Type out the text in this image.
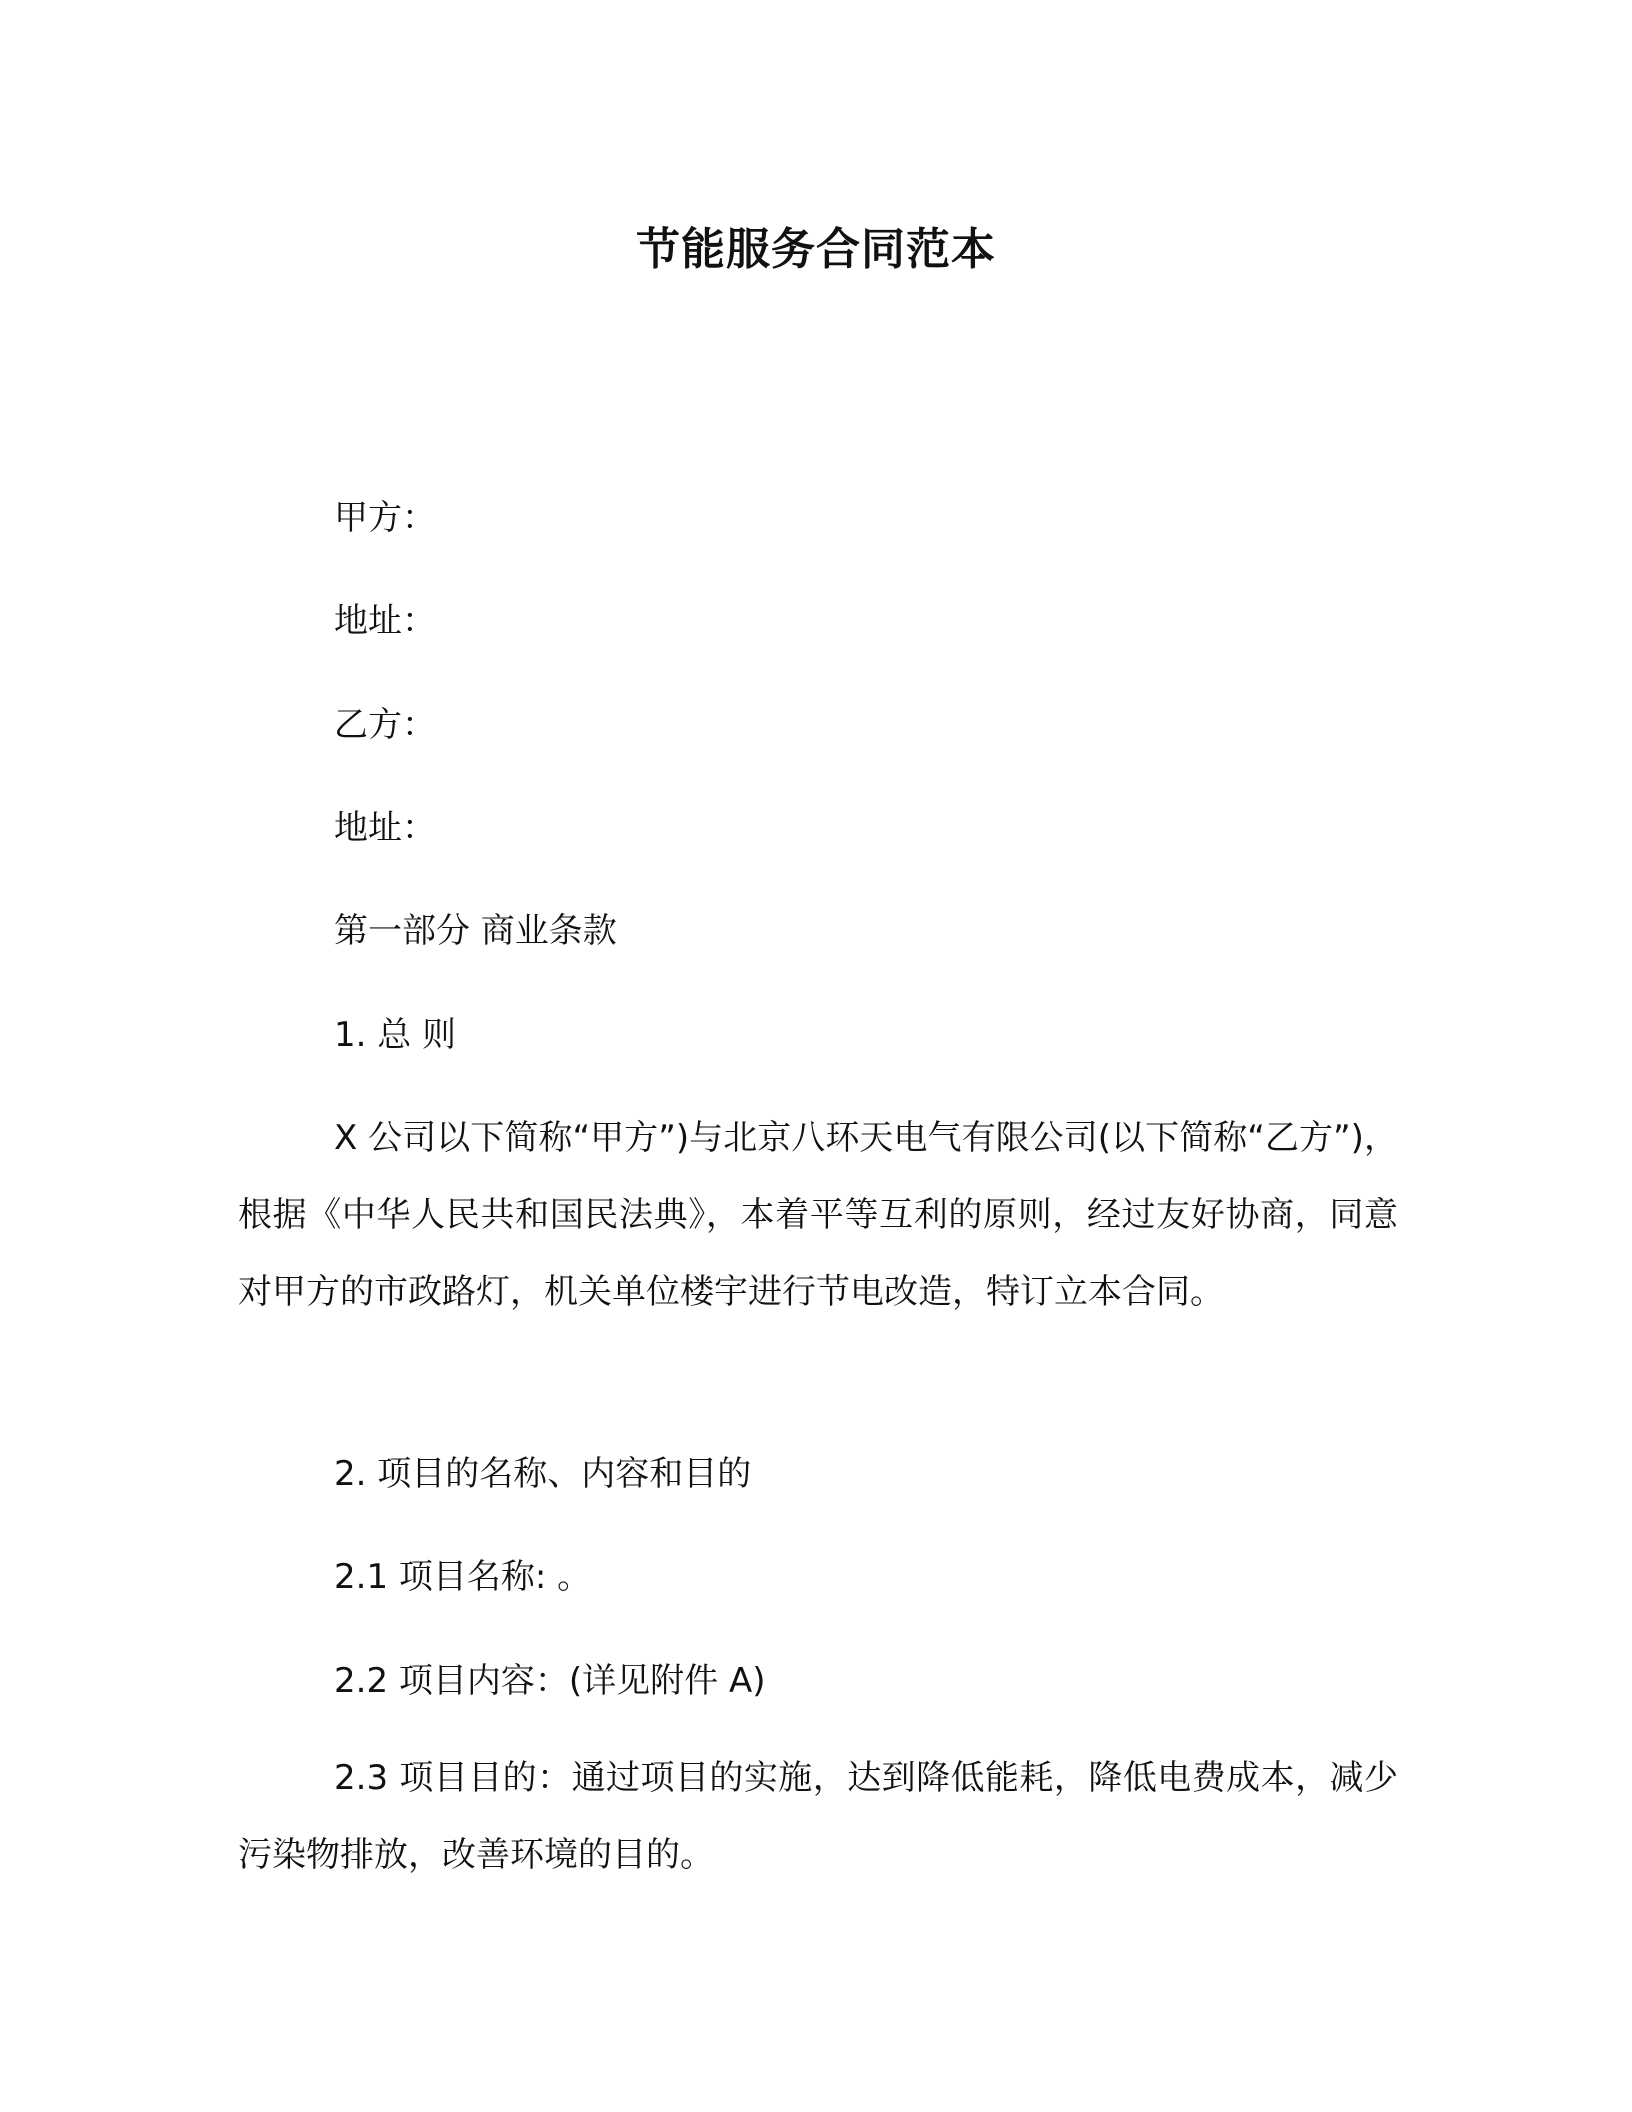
节能服务合同范本
甲方：
地址：
乙方：
地址：
第一部分 商业条款
1. 总 则
X 公司以下简称“甲方”)与北京八环天电气有限公司(以下简称“乙方”)，根据《中华人民共和国民法典》，本着平等互利的原则，经过友好协商，同意对甲方的市政路灯，机关单位楼宇进行节电改造，特订立本合同。
2. 项目的名称、内容和目的
2.1 项目名称: 。
2.2 项目内容：(详见附件 A)
2.3 项目目的：通过项目的实施，达到降低能耗，降低电费成本，减少污染物排放，改善环境的目的。
